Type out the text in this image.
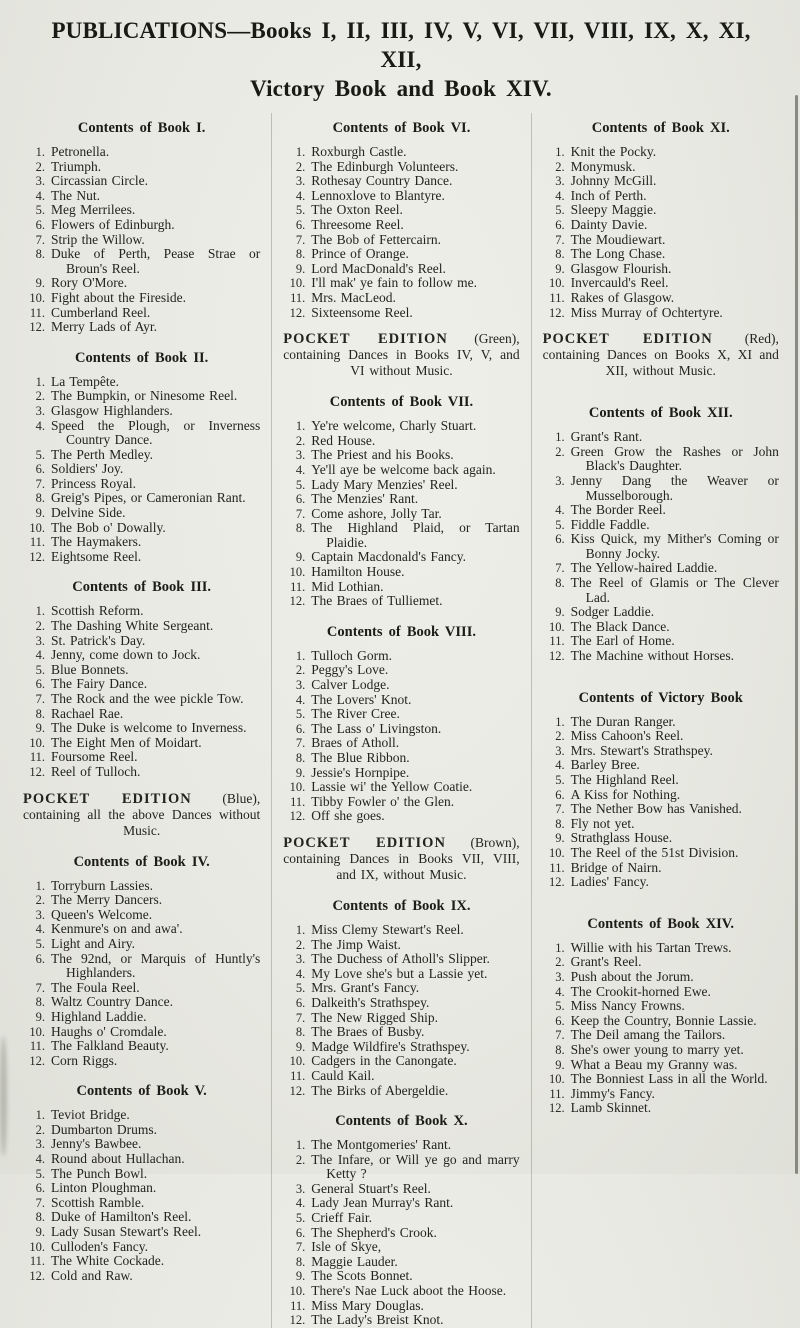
PUBLICATIONS—Books I, II, III, IV, V, VI, VII, VIII, IX, X, XI, XII,
Victory Book and Book XIV.
Contents of Book I.
1. Petronella.
2. Triumph.
3. Circassian Circle.
4. The Nut.
5. Meg Merrilees.
6. Flowers of Edinburgh.
7. Strip the Willow.
8. Duke of Perth, Pease Strae or Broun's Reel.
9. Rory O'More.
10. Fight about the Fireside.
11. Cumberland Reel.
12. Merry Lads of Ayr.
Contents of Book II.
1. La Tempête.
2. The Bumpkin, or Ninesome Reel.
3. Glasgow Highlanders.
4. Speed the Plough, or Inverness Country Dance.
5. The Perth Medley.
6. Soldiers' Joy.
7. Princess Royal.
8. Greig's Pipes, or Cameronian Rant.
9. Delvine Side.
10. The Bob o' Dowally.
11. The Haymakers.
12. Eightsome Reel.
Contents of Book III.
1. Scottish Reform.
2. The Dashing White Sergeant.
3. St. Patrick's Day.
4. Jenny, come down to Jock.
5. Blue Bonnets.
6. The Fairy Dance.
7. The Rock and the wee pickle Tow.
8. Rachael Rae.
9. The Duke is welcome to Inverness.
10. The Eight Men of Moidart.
11. Foursome Reel.
12. Reel of Tulloch.

POCKET EDITION (Blue), containing all the above Dances without Music.

Contents of Book IV.
1. Torryburn Lassies.
2. The Merry Dancers.
3. Queen's Welcome.
4. Kenmure's on and awa'.
5. Light and Airy.
6. The 92nd, or Marquis of Huntly's Highlanders.
7. The Foula Reel.
8. Waltz Country Dance.
9. Highland Laddie.
10. Haughs o' Cromdale.
11. The Falkland Beauty.
12. Corn Riggs.
Contents of Book V.
1. Teviot Bridge.
2. Dumbarton Drums.
3. Jenny's Bawbee.
4. Round about Hullachan.
5. The Punch Bowl.
6. Linton Ploughman.
7. Scottish Ramble.
8. Duke of Hamilton's Reel.
9. Lady Susan Stewart's Reel.
10. Culloden's Fancy.
11. The White Cockade.
12. Cold and Raw.
Contents of Book VI.
1. Roxburgh Castle.
2. The Edinburgh Volunteers.
3. Rothesay Country Dance.
4. Lennoxlove to Blantyre.
5. The Oxton Reel.
6. Threesome Reel.
7. The Bob of Fettercairn.
8. Prince of Orange.
9. Lord MacDonald's Reel.
10. I'll mak' ye fain to follow me.
11. Mrs. MacLeod.
12. Sixteensome Reel.

POCKET EDITION (Green), containing Dances in Books IV, V, and VI without Music.

Contents of Book VII.
1. Ye're welcome, Charly Stuart.
2. Red House.
3. The Priest and his Books.
4. Ye'll aye be welcome back again.
5. Lady Mary Menzies' Reel.
6. The Menzies' Rant.
7. Come ashore, Jolly Tar.
8. The Highland Plaid, or Tartan Plaidie.
9. Captain Macdonald's Fancy.
10. Hamilton House.
11. Mid Lothian.
12. The Braes of Tulliemet.
Contents of Book VIII.
1. Tulloch Gorm.
2. Peggy's Love.
3. Calver Lodge.
4. The Lovers' Knot.
5. The River Cree.
6. The Lass o' Livingston.
7. Braes of Atholl.
8. The Blue Ribbon.
9. Jessie's Hornpipe.
10. Lassie wi' the Yellow Coatie.
11. Tibby Fowler o' the Glen.
12. Off she goes.

POCKET EDITION (Brown), containing Dances in Books VII, VIII, and IX, without Music.

Contents of Book IX.
1. Miss Clemy Stewart's Reel.
2. The Jimp Waist.
3. The Duchess of Atholl's Slipper.
4. My Love she's but a Lassie yet.
5. Mrs. Grant's Fancy.
6. Dalkeith's Strathspey.
7. The New Rigged Ship.
8. The Braes of Busby.
9. Madge Wildfire's Strathspey.
10. Cadgers in the Canongate.
11. Cauld Kail.
12. The Birks of Abergeldie.
Contents of Book X.
1. The Montgomeries' Rant.
2. The Infare, or Will ye go and marry Ketty ?
3. General Stuart's Reel.
4. Lady Jean Murray's Rant.
5. Crieff Fair.
6. The Shepherd's Crook.
7. Isle of Skye,
8. Maggie Lauder.
9. The Scots Bonnet.
10. There's Nae Luck aboot the Hoose.
11. Miss Mary Douglas.
12. The Lady's Breist Knot.
Contents of Book XI.
1. Knit the Pocky.
2. Monymusk.
3. Johnny McGill.
4. Inch of Perth.
5. Sleepy Maggie.
6. Dainty Davie.
7. The Moudiewart.
8. The Long Chase.
9. Glasgow Flourish.
10. Invercauld's Reel.
11. Rakes of Glasgow.
12. Miss Murray of Ochtertyre.

POCKET EDITION (Red), containing Dances on Books X, XI and XII, without Music.

Contents of Book XII.
1. Grant's Rant.
2. Green Grow the Rashes or John Black's Daughter.
3. Jenny Dang the Weaver or Musselborough.
4. The Border Reel.
5. Fiddle Faddle.
6. Kiss Quick, my Mither's Coming or Bonny Jocky.
7. The Yellow-haired Laddie.
8. The Reel of Glamis or The Clever Lad.
9. Sodger Laddie.
10. The Black Dance.
11. The Earl of Home.
12. The Machine without Horses.
Contents of Victory Book
1. The Duran Ranger.
2. Miss Cahoon's Reel.
3. Mrs. Stewart's Strathspey.
4. Barley Bree.
5. The Highland Reel.
6. A Kiss for Nothing.
7. The Nether Bow has Vanished.
8. Fly not yet.
9. Strathglass House.
10. The Reel of the 51st Division.
11. Bridge of Nairn.
12. Ladies' Fancy.
Contents of Book XIV.
1. Willie with his Tartan Trews.
2. Grant's Reel.
3. Push about the Jorum.
4. The Crookit-horned Ewe.
5. Miss Nancy Frowns.
6. Keep the Country, Bonnie Lassie.
7. The Deil amang the Tailors.
8. She's ower young to marry yet.
9. What a Beau my Granny was.
10. The Bonniest Lass in all the World.
11. Jimmy's Fancy.
12. Lamb Skinnet.
